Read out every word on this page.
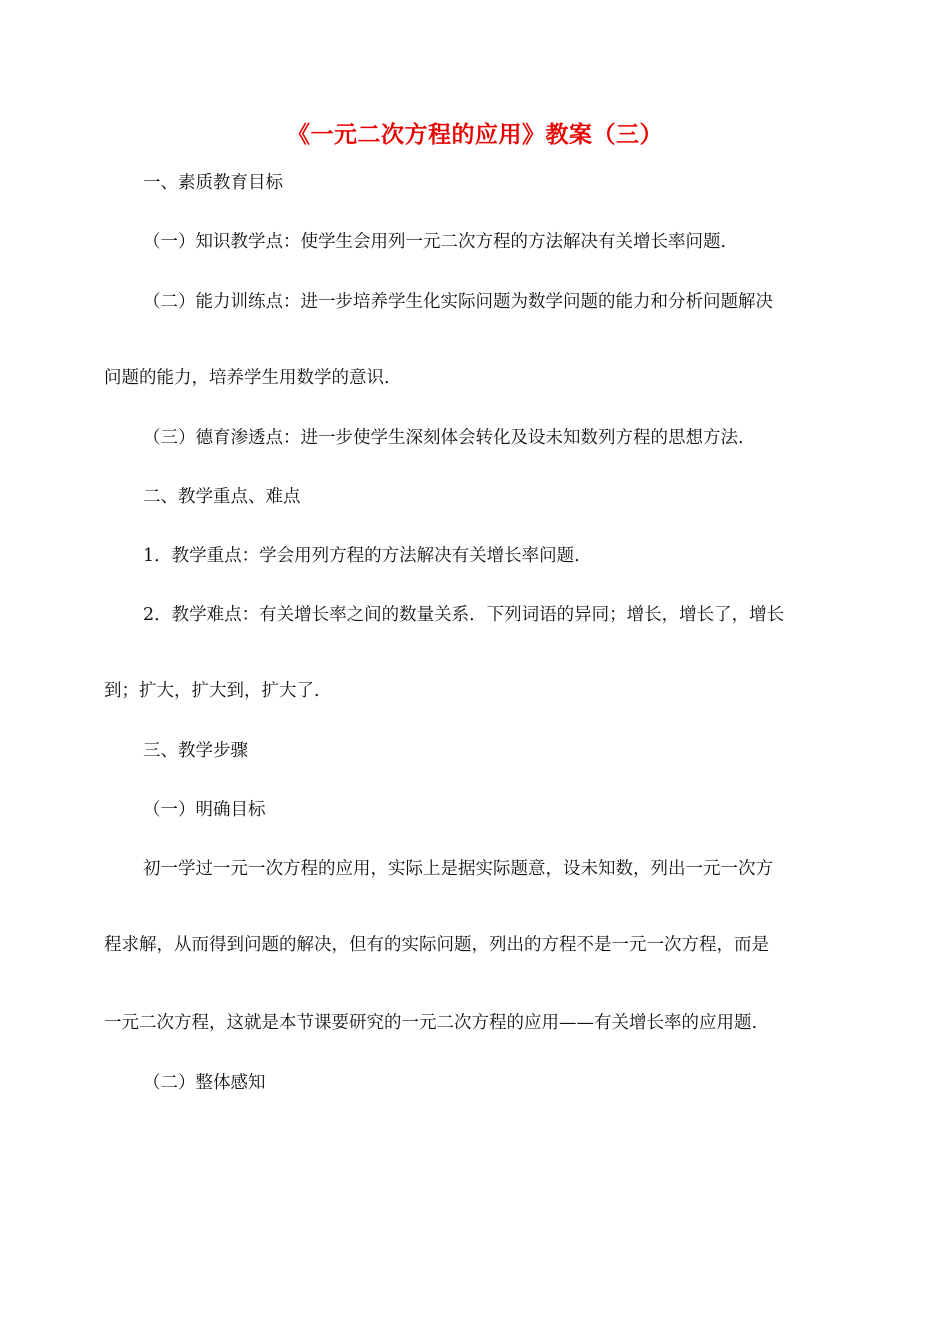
《一元二次方程的应用》教案（三）
一、素质教育目标
（一）知识教学点：使学生会用列一元二次方程的方法解决有关增长率问题.
（二）能力训练点：进一步培养学生化实际问题为数学问题的能力和分析问题解决
问题的能力，培养学生用数学的意识.
（三）德育渗透点：进一步使学生深刻体会转化及设未知数列方程的思想方法.
二、教学重点、难点
1．教学重点：学会用列方程的方法解决有关增长率问题.
2．教学难点：有关增长率之间的数量关系．下列词语的异同；增长，增长了，增长
到；扩大，扩大到，扩大了.
三、教学步骤
（一）明确目标
初一学过一元一次方程的应用，实际上是据实际题意，设未知数，列出一元一次方
程求解，从而得到问题的解决，但有的实际问题，列出的方程不是一元一次方程，而是
一元二次方程，这就是本节课要研究的一元二次方程的应用——有关增长率的应用题.
（二）整体感知
